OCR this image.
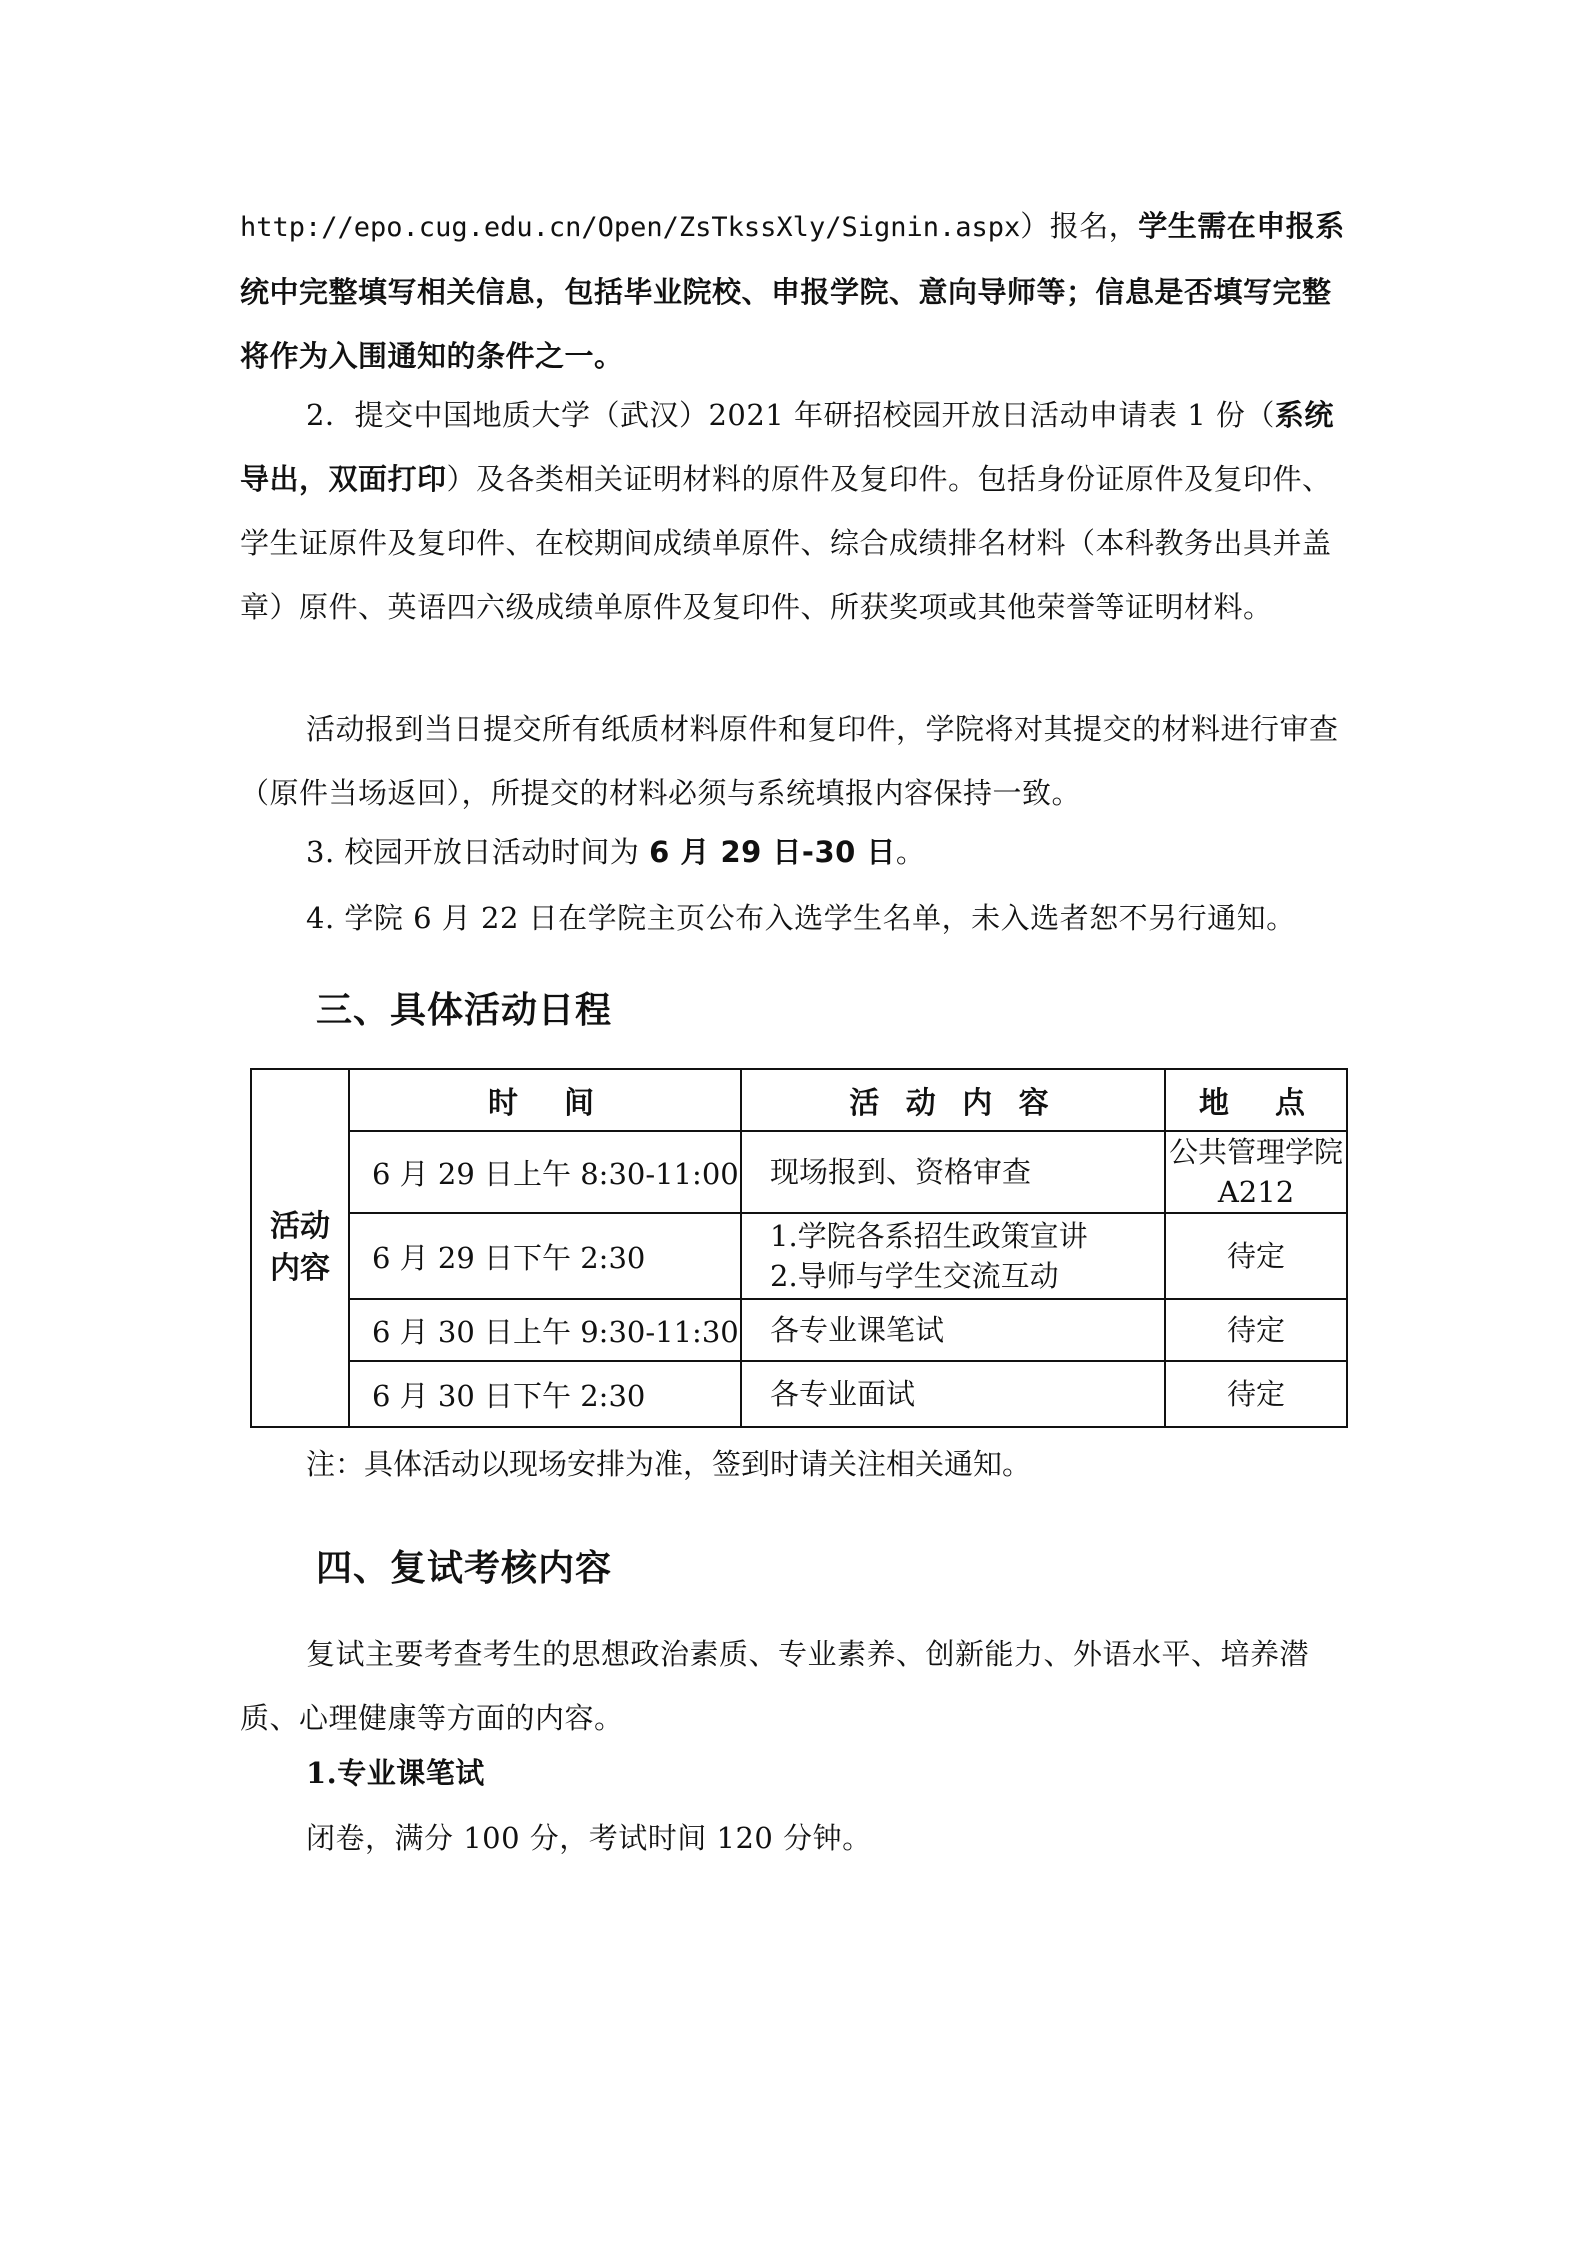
http://epo.cug.edu.cn/Open/ZsTkssXly/Signin.aspx）报名，学生需在申报系统中完整填写相关信息，包括毕业院校、申报学院、意向导师等；信息是否填写完整将作为入围通知的条件之一。

2．提交中国地质大学（武汉）2021 年研招校园开放日活动申请表 1 份（系统导出，双面打印）及各类相关证明材料的原件及复印件。包括身份证原件及复印件、学生证原件及复印件、在校期间成绩单原件、综合成绩排名材料（本科教务出具并盖章）原件、英语四六级成绩单原件及复印件、所获奖项或其他荣誉等证明材料。

活动报到当日提交所有纸质材料原件和复印件，学院将对其提交的材料进行审查（原件当场返回），所提交的材料必须与系统填报内容保持一致。

3. 校园开放日活动时间为 6 月 29 日-30 日。
4. 学院 6 月 22 日在学院主页公布入选学生名单，未入选者恕不另行通知。
三、具体活动日程
活动
内容	时　间	活 动 内 容	地　点
	6 月 29 日上午 8:30-11:00	现场报到、资格审查	公共管理学院
A212

	6 月 29 日下午 2:30	1.学院各系招生政策宣讲
2.导师与学生交流互动	待定

	6 月 30 日上午 9:30-11:30	各专业课笔试	待定

	6 月 30 日下午 2:30	各专业面试	待定
注：具体活动以现场安排为准，签到时请关注相关通知。
四、复试考核内容

复试主要考查考生的思想政治素质、专业素养、创新能力、外语水平、培养潜质、心理健康等方面的内容。

1.专业课笔试
闭卷，满分 100 分，考试时间 120 分钟。
